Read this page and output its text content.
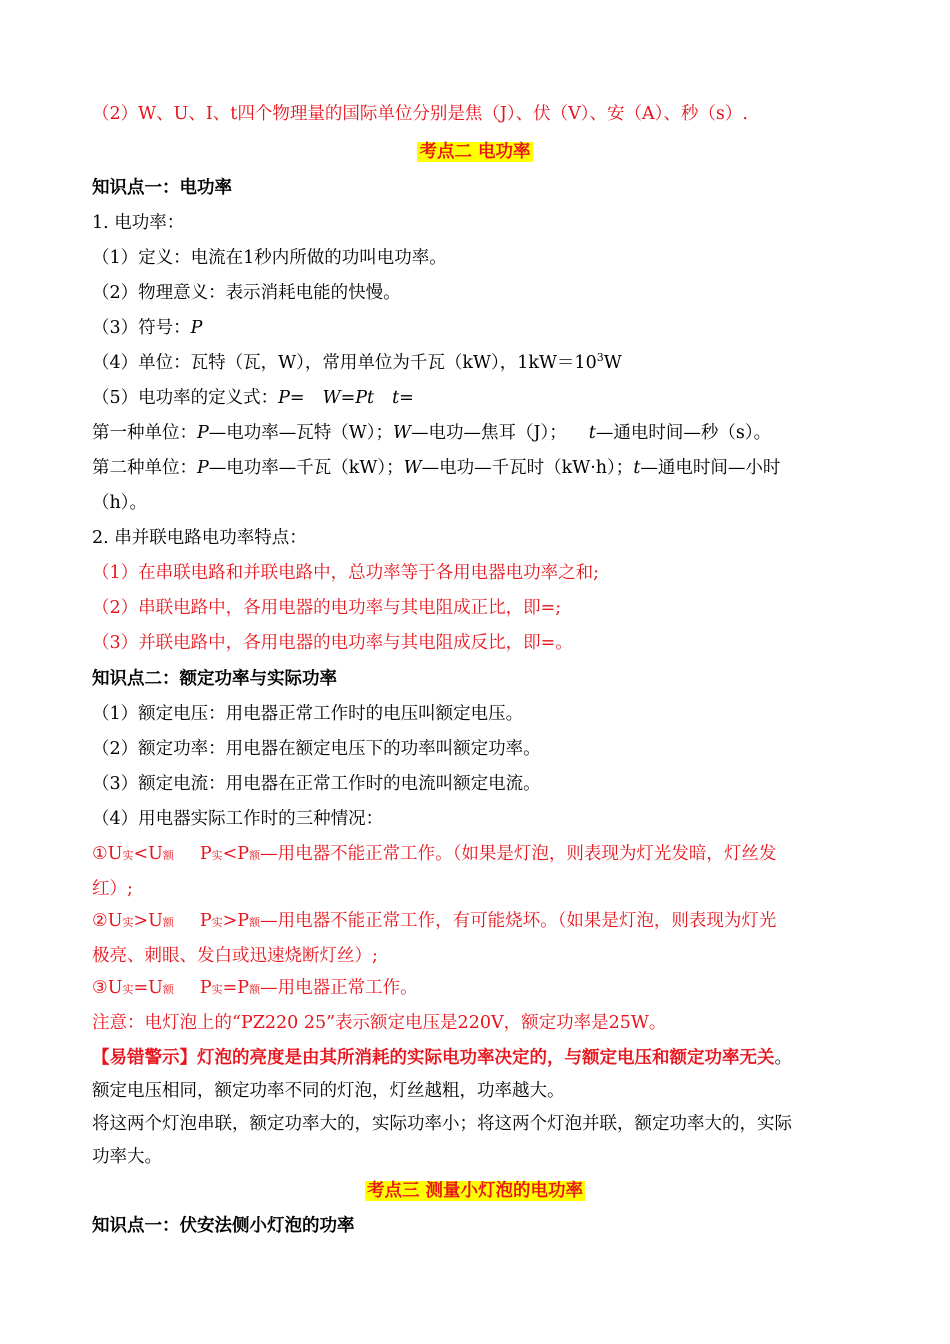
（2）W、U、I、t四个物理量的国际单位分别是焦（J）、伏（V）、安（A）、秒（s）.
考点二 电功率
知识点一：电功率
1. 电功率：
（1）定义：电流在1秒内所做的功叫电功率。
（2）物理意义：表示消耗电能的快慢。
（3）符号：P
（4）单位：瓦特（瓦，W），常用单位为千瓦（kW），$1kW=10^3W$
（5）电功率的定义式：P= W=Pt t=
第一种单位：P—电功率—瓦特（W）；W—电功—焦耳（J）； t—通电时间—秒（s）。
第二种单位：P—电功率—千瓦（kW）；W—电功—千瓦时（kW·h）；t—通电时间—小时
（h）。
2. 串并联电路电功率特点：
（1）在串联电路和并联电路中，总功率等于各用电器电功率之和;
（2）串联电路中，各用电器的电功率与其电阻成正比，即=;
（3）并联电路中，各用电器的电功率与其电阻成反比，即=。
知识点二：额定功率与实际功率
（1）额定电压：用电器正常工作时的电压叫额定电压。
（2）额定功率：用电器在额定电压下的功率叫额定功率。
（3）额定电流：用电器在正常工作时的电流叫额定电流。
（4）用电器实际工作时的三种情况：
①U实<U额 P实<P额—用电器不能正常工作。（如果是灯泡，则表现为灯光发暗，灯丝发
红）;
②U实>U额 P实>P额—用电器不能正常工作，有可能烧坏。（如果是灯泡，则表现为灯光
极亮、刺眼、发白或迅速烧断灯丝）;
③U实=U额 P实=P额—用电器正常工作。
注意：电灯泡上的“PZ220 25”表示额定电压是220V，额定功率是25W。
【易错警示】灯泡的亮度是由其所消耗的实际电功率决定的，与额定电压和额定功率无关。
额定电压相同，额定功率不同的灯泡，灯丝越粗，功率越大。
将这两个灯泡串联，额定功率大的，实际功率小；将这两个灯泡并联，额定功率大的，实际
功率大。
考点三 测量小灯泡的电功率
知识点一：伏安法侧小灯泡的功率
